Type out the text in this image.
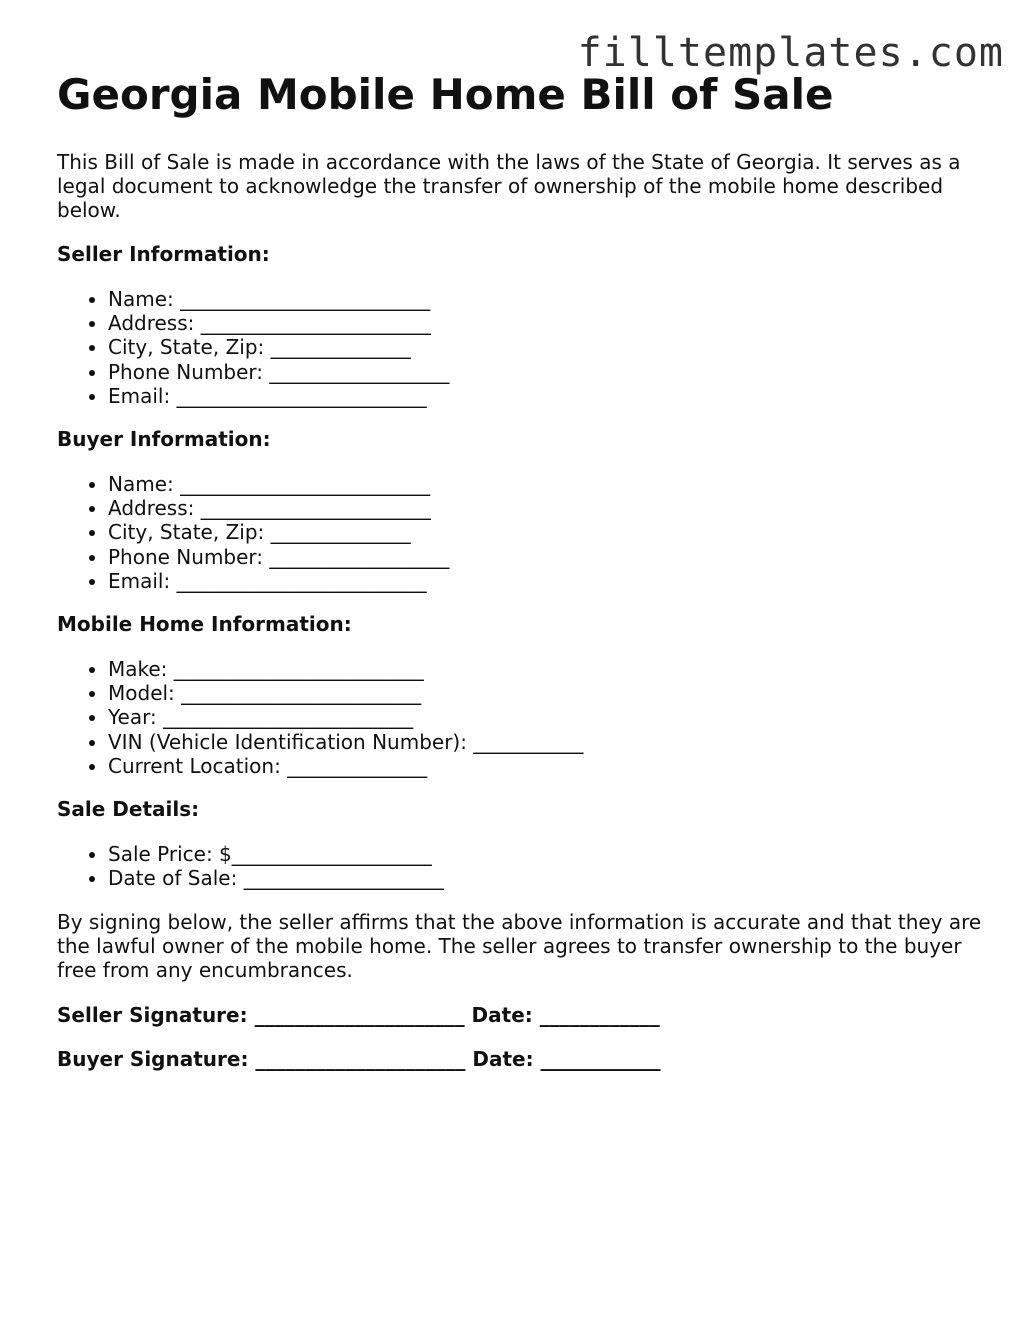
filltemplates.com
Georgia Mobile Home Bill of Sale

This Bill of Sale is made in accordance with the laws of the State of Georgia. It serves as a legal document to acknowledge the transfer of ownership of the mobile home described below.

Seller Information:

• Name: _________________________
• Address: _______________________
• City, State, Zip: ______________
• Phone Number: __________________
• Email: _________________________

Buyer Information:

• Name: _________________________
• Address: _______________________
• City, State, Zip: ______________
• Phone Number: __________________
• Email: _________________________

Mobile Home Information:

• Make: _________________________
• Model: ________________________
• Year: _________________________
• VIN (Vehicle Identification Number): ___________
• Current Location: ______________

Sale Details:

• Sale Price: $____________________
• Date of Sale: ____________________

By signing below, the seller affirms that the above information is accurate and that they are the lawful owner of the mobile home. The seller agrees to transfer ownership to the buyer free from any encumbrances.

Seller Signature: _____________________ Date: ____________

Buyer Signature: _____________________ Date: ____________
